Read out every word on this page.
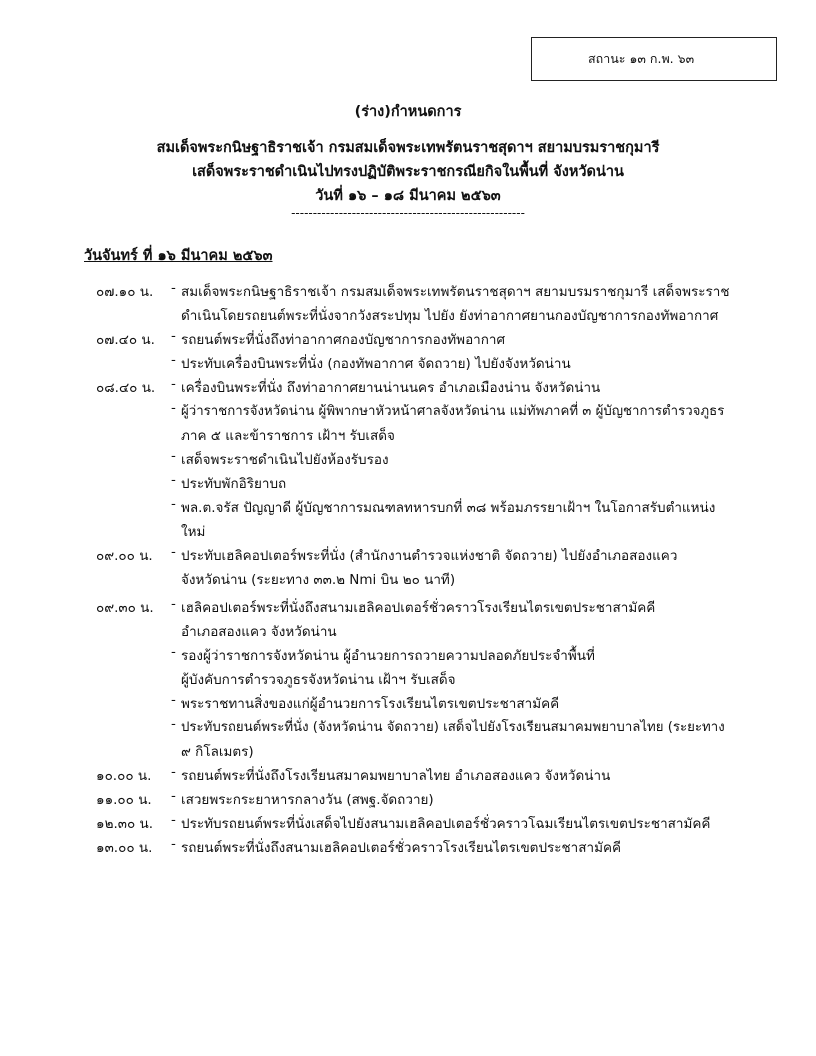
สถานะ ๑๓ ก.พ. ๖๓
(ร่าง)กำหนดการ
สมเด็จพระกนิษฐาธิราชเจ้า กรมสมเด็จพระเทพรัตนราชสุดาฯ สยามบรมราชกุมารี
เสด็จพระราชดำเนินไปทรงปฏิบัติพระราชกรณียกิจในพื้นที่ จังหวัดน่าน
วันที่ ๑๖ – ๑๘ มีนาคม ๒๕๖๓
------------------------------------------------------
วันจันทร์ ที่ ๑๖ มีนาคม ๒๕๖๓
๐๗.๑๐ น. - สมเด็จพระกนิษฐาธิราชเจ้า กรมสมเด็จพระเทพรัตนราชสุดาฯ สยามบรมราชกุมารี เสด็จพระราช
ดำเนินโดยรถยนต์พระที่นั่งจากวังสระปทุม ไปยัง ยังท่าอากาศยานกองบัญชาการกองทัพอากาศ
๐๗.๔๐ น. - รถยนต์พระที่นั่งถึงท่าอากาศกองบัญชาการกองทัพอากาศ
- ประทับเครื่องบินพระที่นั่ง (กองทัพอากาศ จัดถวาย) ไปยังจังหวัดน่าน
๐๘.๔๐ น. - เครื่องบินพระที่นั่ง ถึงท่าอากาศยานน่านนคร อำเภอเมืองน่าน จังหวัดน่าน
- ผู้ว่าราชการจังหวัดน่าน ผู้พิพากษาหัวหน้าศาลจังหวัดน่าน แม่ทัพภาคที่ ๓ ผู้บัญชาการตำรวจภูธร
ภาค ๕ และข้าราชการ เฝ้าฯ รับเสด็จ
- เสด็จพระราชดำเนินไปยังห้องรับรอง
- ประทับพักอิริยาบถ
- พล.ต.จรัส ปัญญาดี ผู้บัญชาการมณฑลทหารบกที่ ๓๘ พร้อมภรรยาเฝ้าฯ ในโอกาสรับตำแหน่ง
ใหม่
๐๙.๐๐ น. - ประทับเฮลิคอปเตอร์พระที่นั่ง (สำนักงานตำรวจแห่งชาติ จัดถวาย) ไปยังอำเภอสองแคว
จังหวัดน่าน (ระยะทาง ๓๓.๒ Nmi บิน ๒๐ นาที)
๐๙.๓๐ น. - เฮลิคอปเตอร์พระที่นั่งถึงสนามเฮลิคอปเตอร์ชั่วคราวโรงเรียนไตรเขตประชาสามัคคี
อำเภอสองแคว จังหวัดน่าน
- รองผู้ว่าราชการจังหวัดน่าน ผู้อำนวยการถวายความปลอดภัยประจำพื้นที่
ผู้บังคับการตำรวจภูธรจังหวัดน่าน เฝ้าฯ รับเสด็จ
- พระราชทานสิ่งของแก่ผู้อำนวยการโรงเรียนไตรเขตประชาสามัคคี
- ประทับรถยนต์พระที่นั่ง (จังหวัดน่าน จัดถวาย) เสด็จไปยังโรงเรียนสมาคมพยาบาลไทย (ระยะทาง
๙ กิโลเมตร)
๑๐.๐๐ น. - รถยนต์พระที่นั่งถึงโรงเรียนสมาคมพยาบาลไทย อำเภอสองแคว จังหวัดน่าน
๑๑.๐๐ น. - เสวยพระกระยาหารกลางวัน (สพฐ.จัดถวาย)
๑๒.๓๐ น. - ประทับรถยนต์พระที่นั่งเสด็จไปยังสนามเฮลิคอปเตอร์ชั่วคราวโฉมเรียนไตรเขตประชาสามัคคี
๑๓.๐๐ น. - รถยนต์พระที่นั่งถึงสนามเฮลิคอปเตอร์ชั่วคราวโรงเรียนไตรเขตประชาสามัคคี
